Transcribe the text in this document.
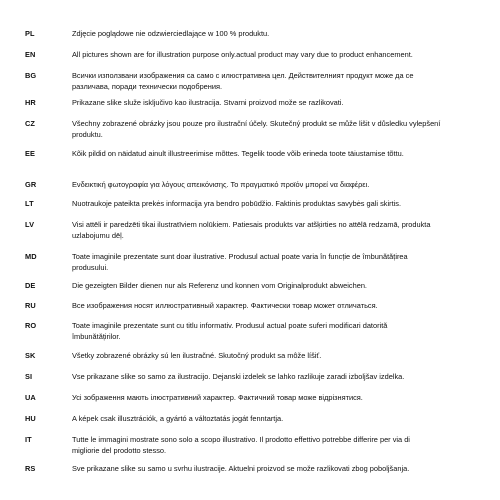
PL	Zdjęcie poglądowe nie odzwierciedlające w 100 % produktu.
EN	All pictures shown are for illustration purpose only.actual product may vary due to product enhancement.
BG	Всички използвани изображения са само с илюстративна цел. Действителният продукт може да се
различава, поради технически подобрения.
HR	Prikazane slike služe isključivo kao ilustracija. Stvarni proizvod može se razlikovati.
CZ	Všechny zobrazené obrázky jsou pouze pro ilustrační účely. Skutečný produkt se může lišit v důsledku vylepšení
produktu.
EE	Kõik pildid on näidatud ainult illustreerimise mõttes. Tegelik toode võib erineda toote täiustamise tõttu.
GR	Ενδεικτική φωτογραφία για λόγους απεικόνισης. Το πραγματικό προϊόν μπορεί να διαφέρει.
LT	Nuotraukoje pateikta prekės informacija yra bendro pobūdžio. Faktinis produktas savybės gali skirtis.
LV	Visi attēli ir paredzēti tikai ilustratīviem nolūkiem. Patiesais produkts var atšķirties no attēlā redzamā, produkta
uzlabojumu dēļ.
MD	Toate imaginile prezentate sunt doar ilustrative. Produsul actual poate varia în funcție de îmbunătățirea
produsului.
DE	Die gezeigten Bilder dienen nur als Referenz und konnen vom Originalprodukt abweichen.
RU	Все изображения носят иллюстративный характер. Фактически товар может отличаться.
RO	Toate imaginile prezentate sunt cu titlu informativ. Produsul actual poate suferi modificari datorită
îmbunătățirilor.
SK	Všetky zobrazené obrázky sú len ilustračné. Skutočný produkt sa môže líšiť.
SI	Vse prikazane slike so samo za ilustracijo. Dejanski izdelek se lahko razlikuje zaradi izboljšav izdelka.
UA	Усі зображення мають ілюстративний характер. Фактичний товар може відрізнятися.
HU	A képek csak illusztrációk, a gyártó a változtatás jogát fenntartja.
IT	Tutte le immagini mostrate sono solo a scopo illustrativo. Il prodotto effettivo potrebbe differire per via di
migliorie del prodotto stesso.
RS	Sve prikazane slike su samo u svrhu ilustracije. Aktuelni proizvod se može razlikovati zbog poboljšanja.
